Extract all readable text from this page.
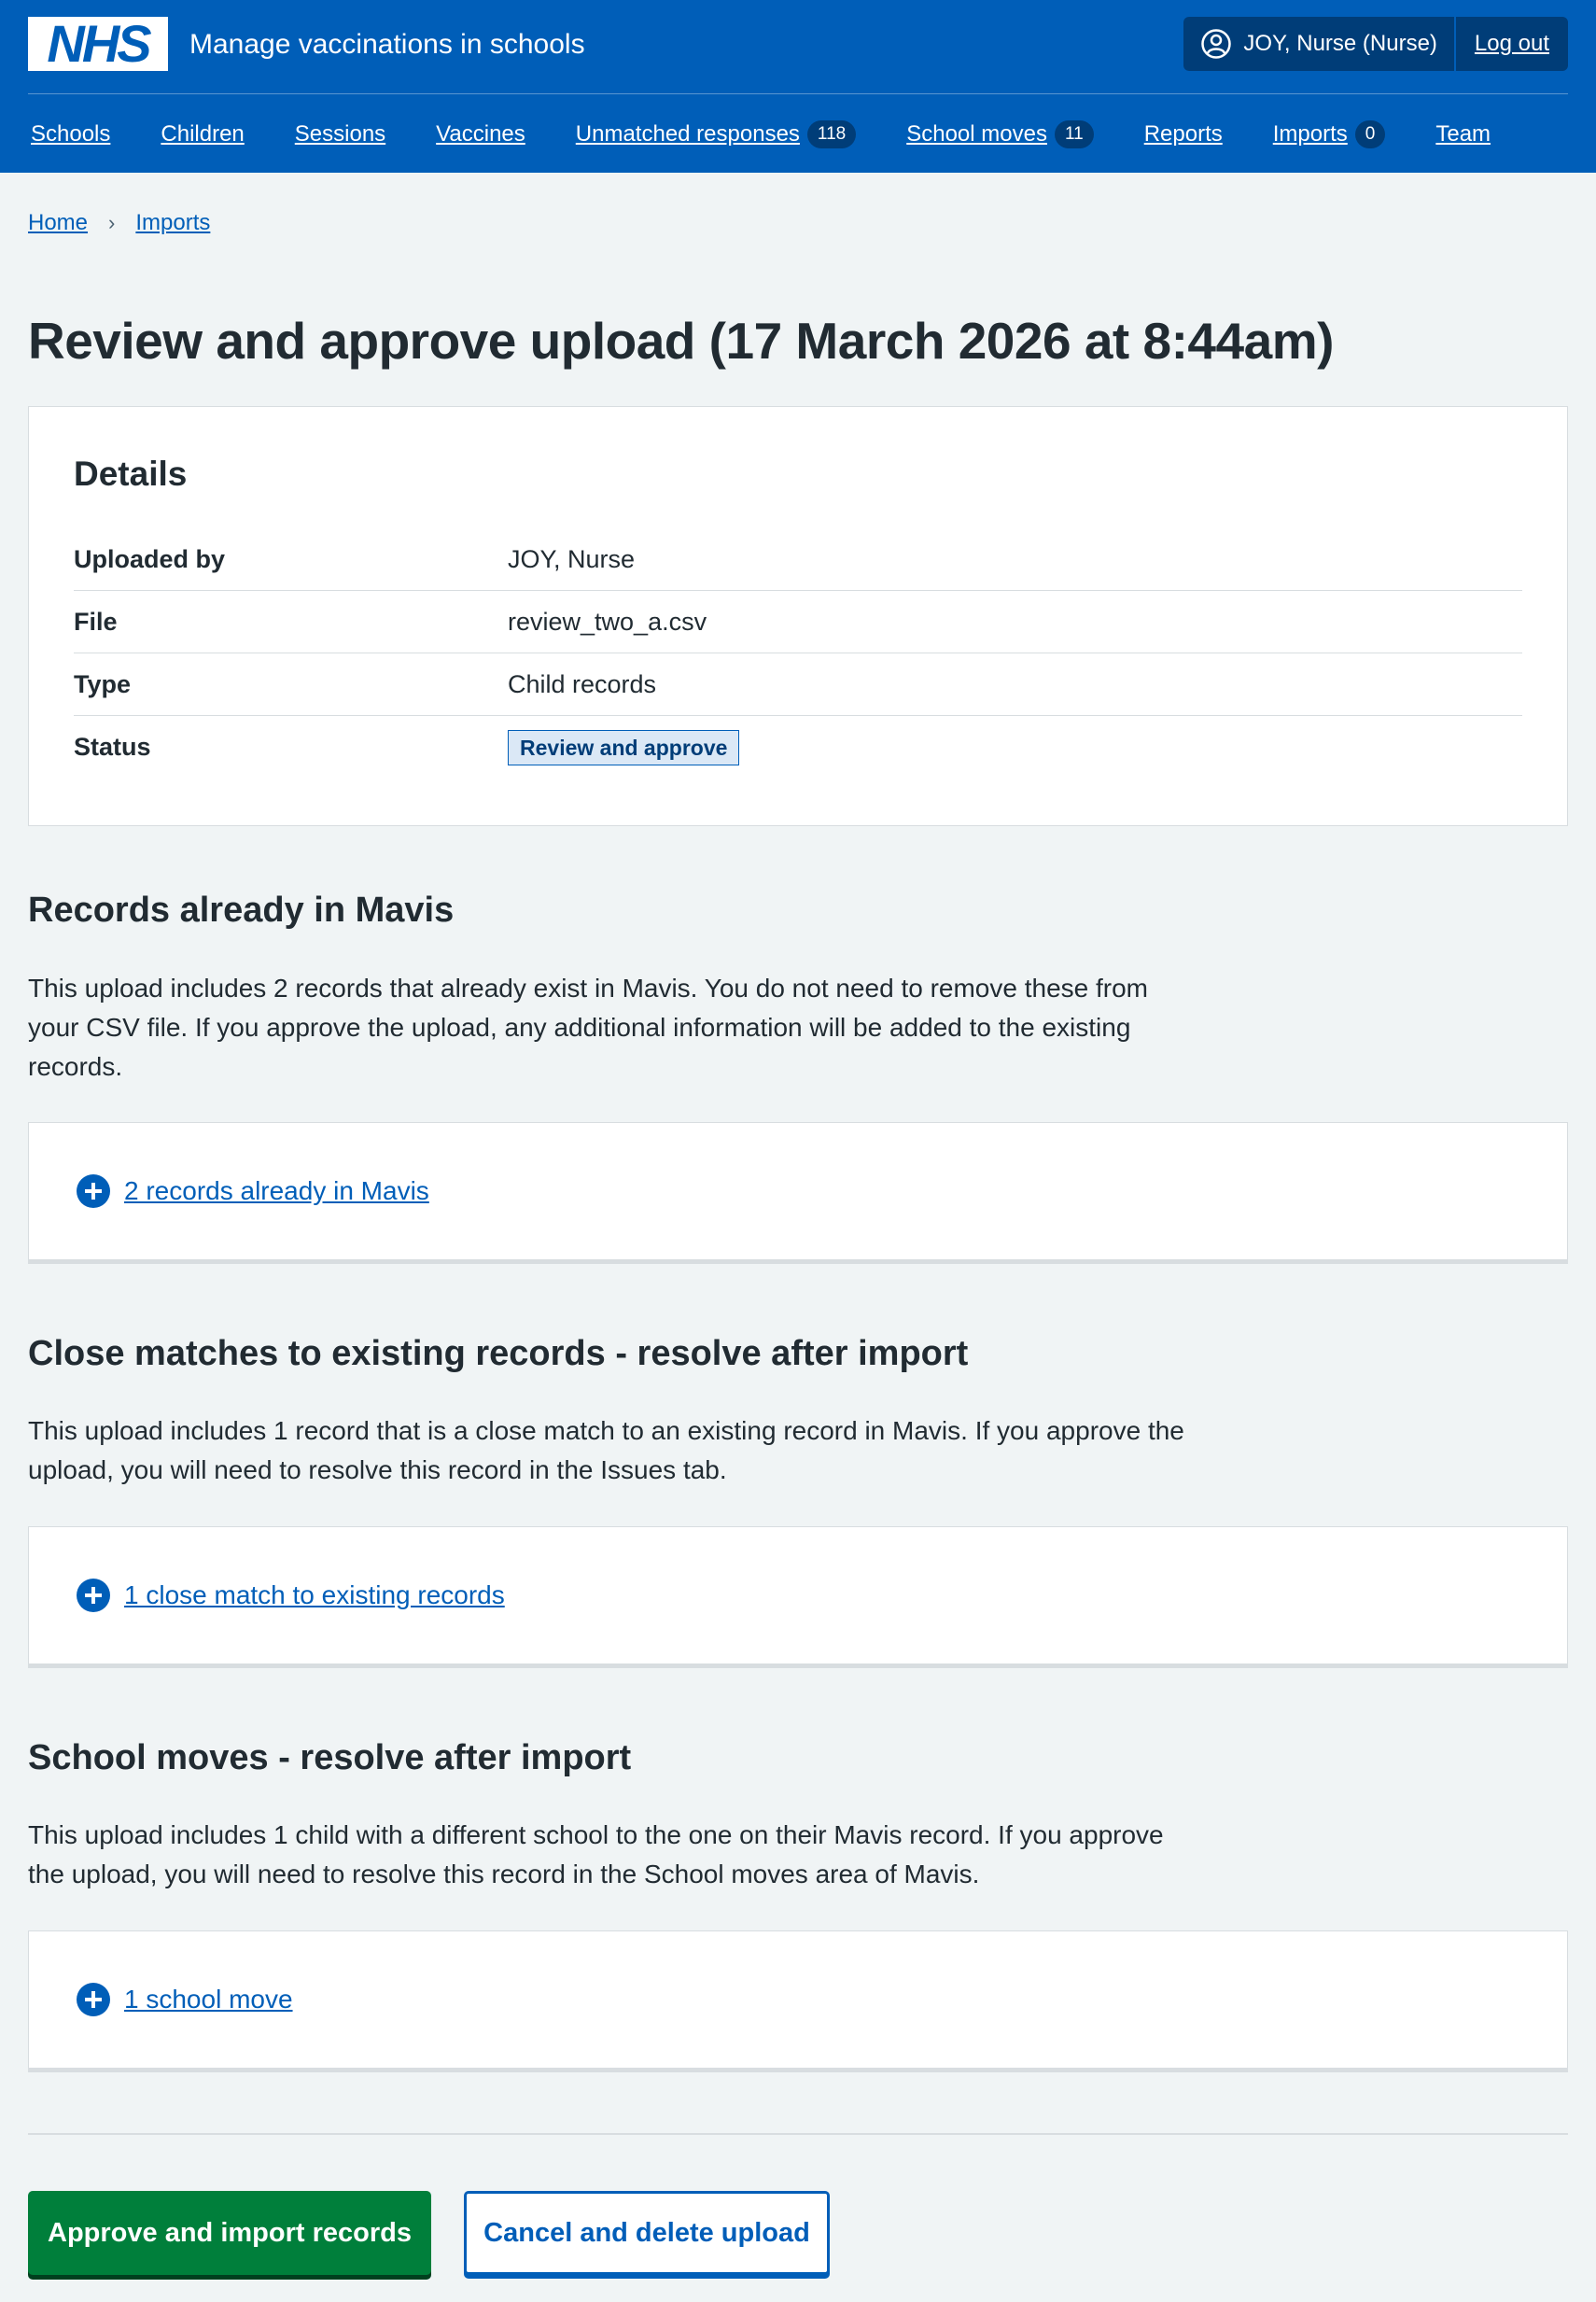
NHS Manage vaccinations in schools	JOY, Nurse (Nurse)	Log out
Schools Children Sessions Vaccines Unmatched responses	118	School moves	11	Reports Imports	0	Team
Home › Imports
Review and approve upload (17 March 2026 at 8:44am)
Details
Uploaded by	JOY, Nurse
File	review_two_a.csv
Type	Child records
Status	Review and approve
Records already in Mavis

This upload includes 2 records that already exist in Mavis. You do not need to remove these from your CSV file. If you approve the upload, any additional information will be added to the existing records.

2 records already in Mavis
Close matches to existing records - resolve after import

This upload includes 1 record that is a close match to an existing record in Mavis. If you approve the upload, you will need to resolve this record in the Issues tab.

1 close match to existing records
School moves - resolve after import

This upload includes 1 child with a different school to the one on their Mavis record. If you approve the upload, you will need to resolve this record in the School moves area of Mavis.

1 school move
Approve and import records	Cancel and delete upload
